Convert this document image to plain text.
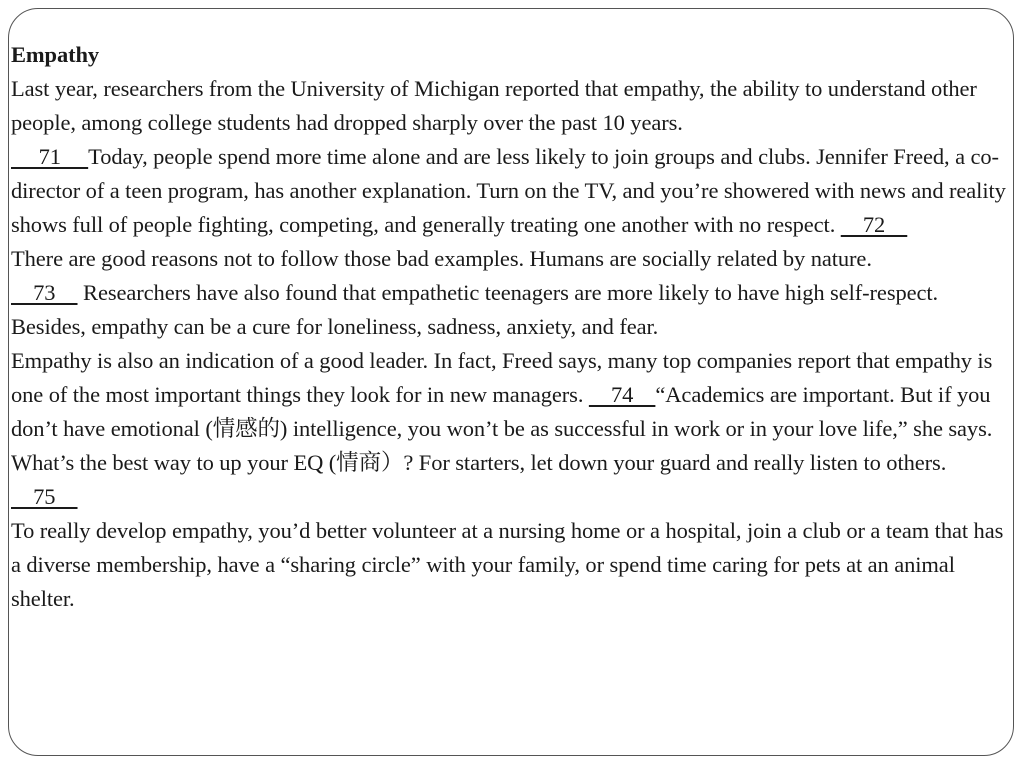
Empathy

Last year, researchers from the University of Michigan reported that empathy, the ability to understand other people, among college students had dropped sharply over the past 10 years.
71     Today, people spend more time alone and are less likely to join groups and clubs. Jennifer Freed, a co-director of a teen program, has another explanation. Turn on the TV, and you’re showered with news and reality shows full of people fighting, competing, and generally treating one another with no respect.     72

There are good reasons not to follow those bad examples. Humans are socially related by nature.
73     Researchers have also found that empathetic teenagers are more likely to have high self-respect. Besides, empathy can be a cure for loneliness, sadness, anxiety, and fear.

Empathy is also an indication of a good leader. In fact, Freed says, many top companies report that empathy is one of the most important things they look for in new managers.     74    “Academics are important. But if you don’t have emotional (情感的) intelligence, you won’t be as successful in work or in your love life,” she says.

What’s the best way to up your EQ (情商）? For starters, let down your guard and really listen to others.     75

To really develop empathy, you’d better volunteer at a nursing home or a hospital, join a club or a team that has a diverse membership, have a “sharing circle” with your family, or spend time caring for pets at an animal shelter.
